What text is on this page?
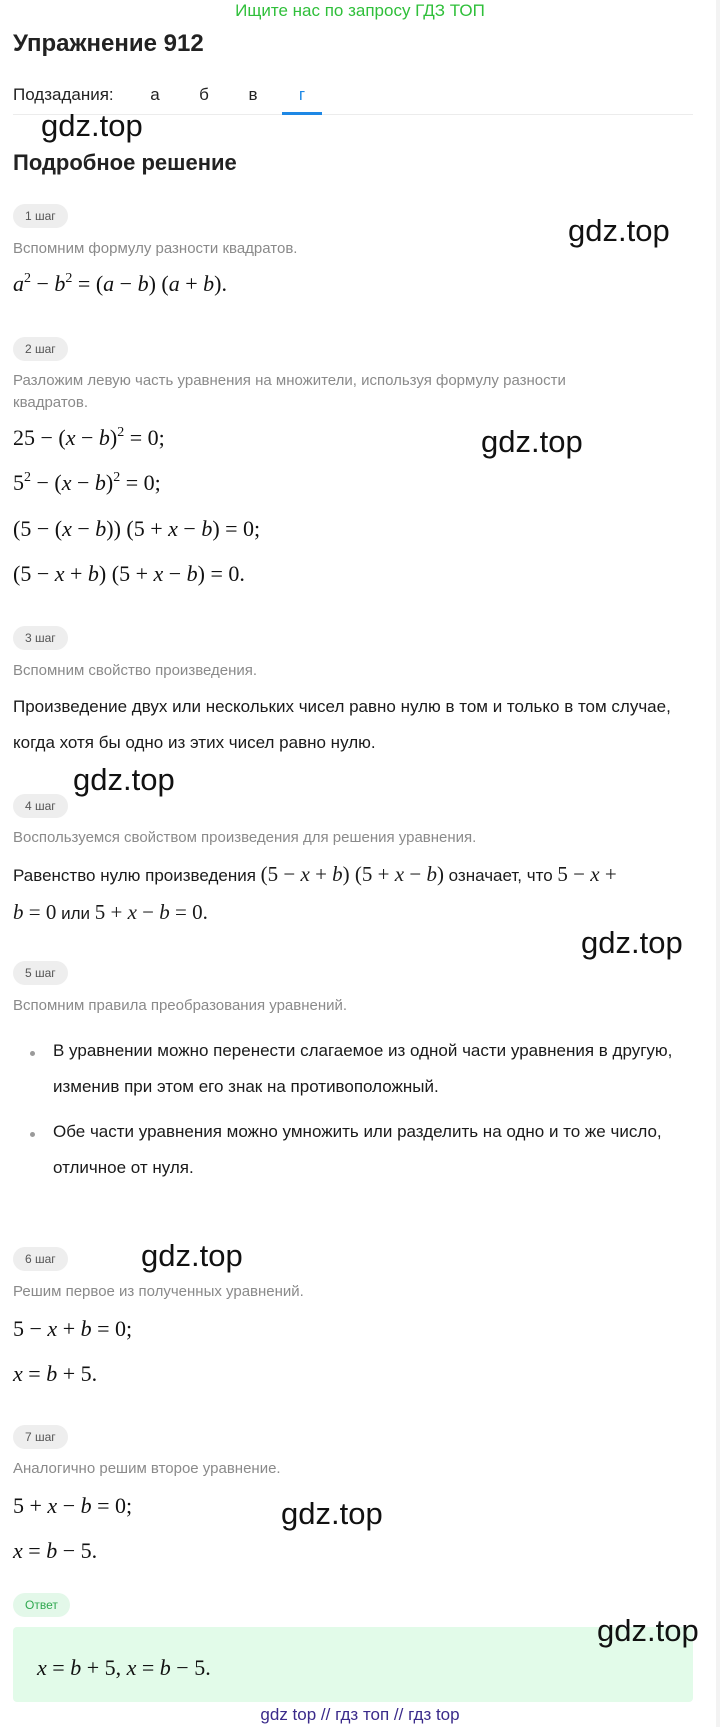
Ищите нас по запросу ГДЗ ТОП
Упражнение 912
Подзадания:	а	б	в	г
gdz.top
Подробное решение
1 шаг	gdz.top
Вспомним формулу разности квадратов.
$a^2 - b^2 = (a - b) (a + b)$.
2 шаг
Разложим левую часть уравнения на множители, используя формулу разности квадратов.
gdz.top
$25 - (x - b)^2 = 0$;
$5^2 - (x - b)^2 = 0$;
(5 − (x − b)) (5 + x − b) = 0;
(5 − x + b) (5 + x − b) = 0.
3 шаг
Вспомним свойство произведения.
Произведение двух или нескольких чисел равно нулю в том и только в том случае, когда хотя бы одно из этих чисел равно нулю.
gdz.top
4 шаг
Воспользуемся свойством произведения для решения уравнения.
Равенство нулю произведения (5 − x + b) (5 + x − b) означает, что 5 − x +
b = 0 или 5 + x − b = 0.
gdz.top
5 шаг
Вспомним правила преобразования уравнений.
В уравнении можно перенести слагаемое из одной части уравнения в другую, изменив при этом его знак на противоположный.
Обе части уравнения можно умножить или разделить на одно и то же число, отличное от нуля.
6 шаг	gdz.top
Решим первое из полученных уравнений.
5 − x + b = 0;
x = b + 5.
7 шаг
Аналогично решим второе уравнение.
5 + x − b = 0;	gdz.top
x = b − 5.
Ответ
gdz.top
x = b + 5, x = b − 5.
gdz top // гдз топ // гдз top
